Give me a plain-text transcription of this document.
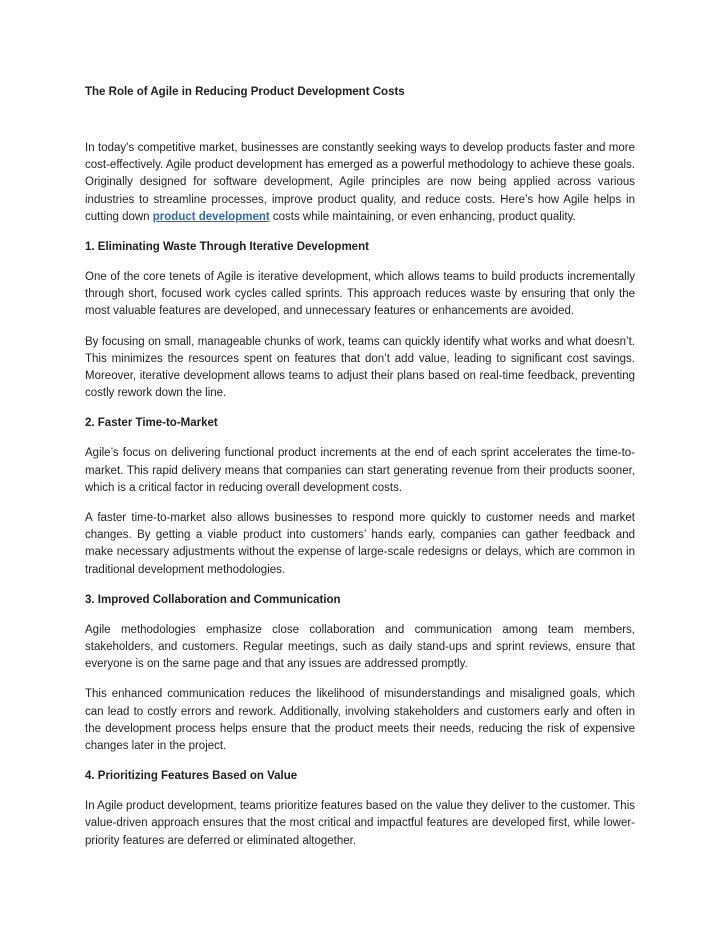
The Role of Agile in Reducing Product Development Costs

In today’s competitive market, businesses are constantly seeking ways to develop products faster and more cost-effectively. Agile product development has emerged as a powerful methodology to achieve these goals. Originally designed for software development, Agile principles are now being applied across various industries to streamline processes, improve product quality, and reduce costs. Here’s how Agile helps in cutting down product development costs while maintaining, or even enhancing, product quality.

1. Eliminating Waste Through Iterative Development

One of the core tenets of Agile is iterative development, which allows teams to build products incrementally through short, focused work cycles called sprints. This approach reduces waste by ensuring that only the most valuable features are developed, and unnecessary features or enhancements are avoided.

By focusing on small, manageable chunks of work, teams can quickly identify what works and what doesn’t. This minimizes the resources spent on features that don’t add value, leading to significant cost savings. Moreover, iterative development allows teams to adjust their plans based on real-time feedback, preventing costly rework down the line.

2. Faster Time-to-Market

Agile’s focus on delivering functional product increments at the end of each sprint accelerates the time-to-market. This rapid delivery means that companies can start generating revenue from their products sooner, which is a critical factor in reducing overall development costs.

A faster time-to-market also allows businesses to respond more quickly to customer needs and market changes. By getting a viable product into customers’ hands early, companies can gather feedback and make necessary adjustments without the expense of large-scale redesigns or delays, which are common in traditional development methodologies.

3. Improved Collaboration and Communication

Agile methodologies emphasize close collaboration and communication among team members, stakeholders, and customers. Regular meetings, such as daily stand-ups and sprint reviews, ensure that everyone is on the same page and that any issues are addressed promptly.

This enhanced communication reduces the likelihood of misunderstandings and misaligned goals, which can lead to costly errors and rework. Additionally, involving stakeholders and customers early and often in the development process helps ensure that the product meets their needs, reducing the risk of expensive changes later in the project.

4. Prioritizing Features Based on Value

In Agile product development, teams prioritize features based on the value they deliver to the customer. This value-driven approach ensures that the most critical and impactful features are developed first, while lower-priority features are deferred or eliminated altogether.
